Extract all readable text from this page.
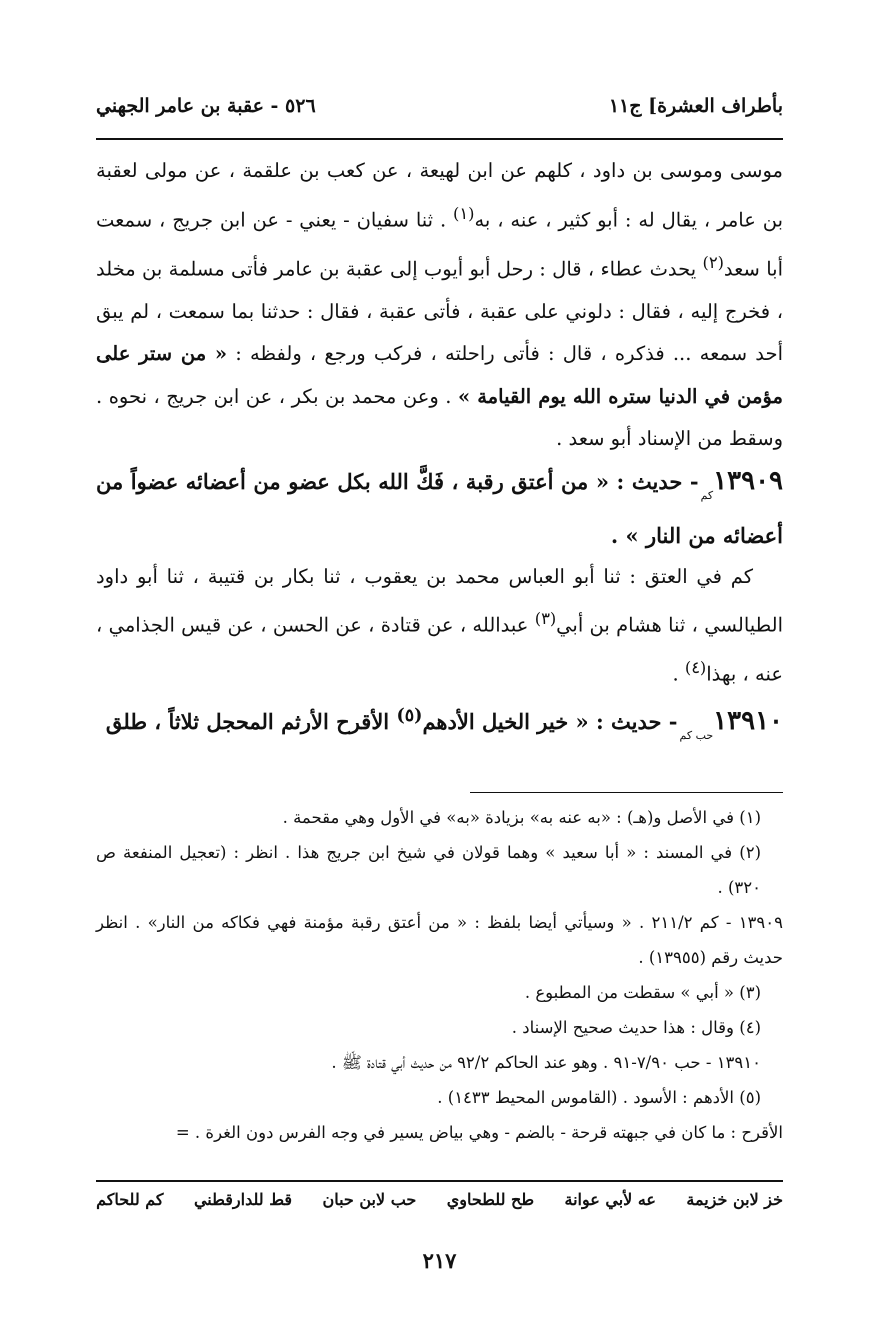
بأطراف العشرة] ج١١
٥٢٦ - عقبة بن عامر الجهني

موسى وموسى بن داود ، كلهم عن ابن لهيعة ، عن كعب بن علقمة ، عن مولى لعقبة بن عامر ، يقال له : أبو كثير ، عنه ، به$^{(١)}$ . ثنا سفيان - يعني - عن ابن جريج ، سمعت أبا سعد$^{(٢)}$ يحدث عطاء ، قال : رحل أبو أيوب إلى عقبة بن عامر فأتى مسلمة بن مخلد ، فخرج إليه ، فقال : دلوني على عقبة ، فأتى عقبة ، فقال : حدثنا بما سمعت ، لم يبق أحد سمعه ... فذكره ، قال : فأتى راحلته ، فركب ورجع ، ولفظه : « من ستر على مؤمن في الدنيا ستره الله يوم القيامة » . وعن محمد بن بكر ، عن ابن جريج ، نحوه . وسقط من الإسناد أبو سعد .

$١٣٩٠٩_{كم}-$ حديث : « من أعتق رقبة ، فَكَّ الله بكل عضو من أعضائه عضواً من أعضائه من النار » .

كم في العتق : ثنا أبو العباس محمد بن يعقوب ، ثنا بكار بن قتيبة ، ثنا أبو داود الطيالسي ، ثنا هشام بن أبي$^{(٣)}$ عبدالله ، عن قتادة ، عن الحسن ، عن قيس الجذامي ، عنه ، بهذا$^{(٤)}$ .

$١٣٩١٠_{حب كم}-$ حديث : « خير الخيل الأدهم$^{(٥)}$ الأقرح الأرثم المحجل ثلاثاً ، طلق

(١) في الأصل و(هـ) : «به عنه به» بزيادة «به» في الأول وهي مقحمة .

(٢) في المسند : « أبا سعيد » وهما قولان في شيخ ابن جريج هذا . انظر : (تعجيل المنفعة ص ٣٢٠) .

١٣٩٠٩ - كم ٢١١/٢ . « وسيأتي أيضا بلفظ : « من أعتق رقبة مؤمنة فهي فكاكه من النار» . انظر حديث رقم (١٣٩٥٥) .

(٣) « أبي » سقطت من المطبوع .

(٤) وقال : هذا حديث صحيح الإسناد .

١٣٩١٠ - حب ٧/٩٠-٩١ . وهو عند الحاكم ٩٢/٢ من حديث أبي قتادة ﷺ .

(٥) الأدهم : الأسود . (القاموس المحيط ١٤٣٣) .

الأقرح : ما كان في جبهته قرحة - بالضم - وهي بياض يسير في وجه الفرس دون الغرة . =

خز لابن خزيمة
عه لأبي عوانة
طح للطحاوي
حب لابن حبان
قط للدارقطني
كم للحاكم
٢١٧
